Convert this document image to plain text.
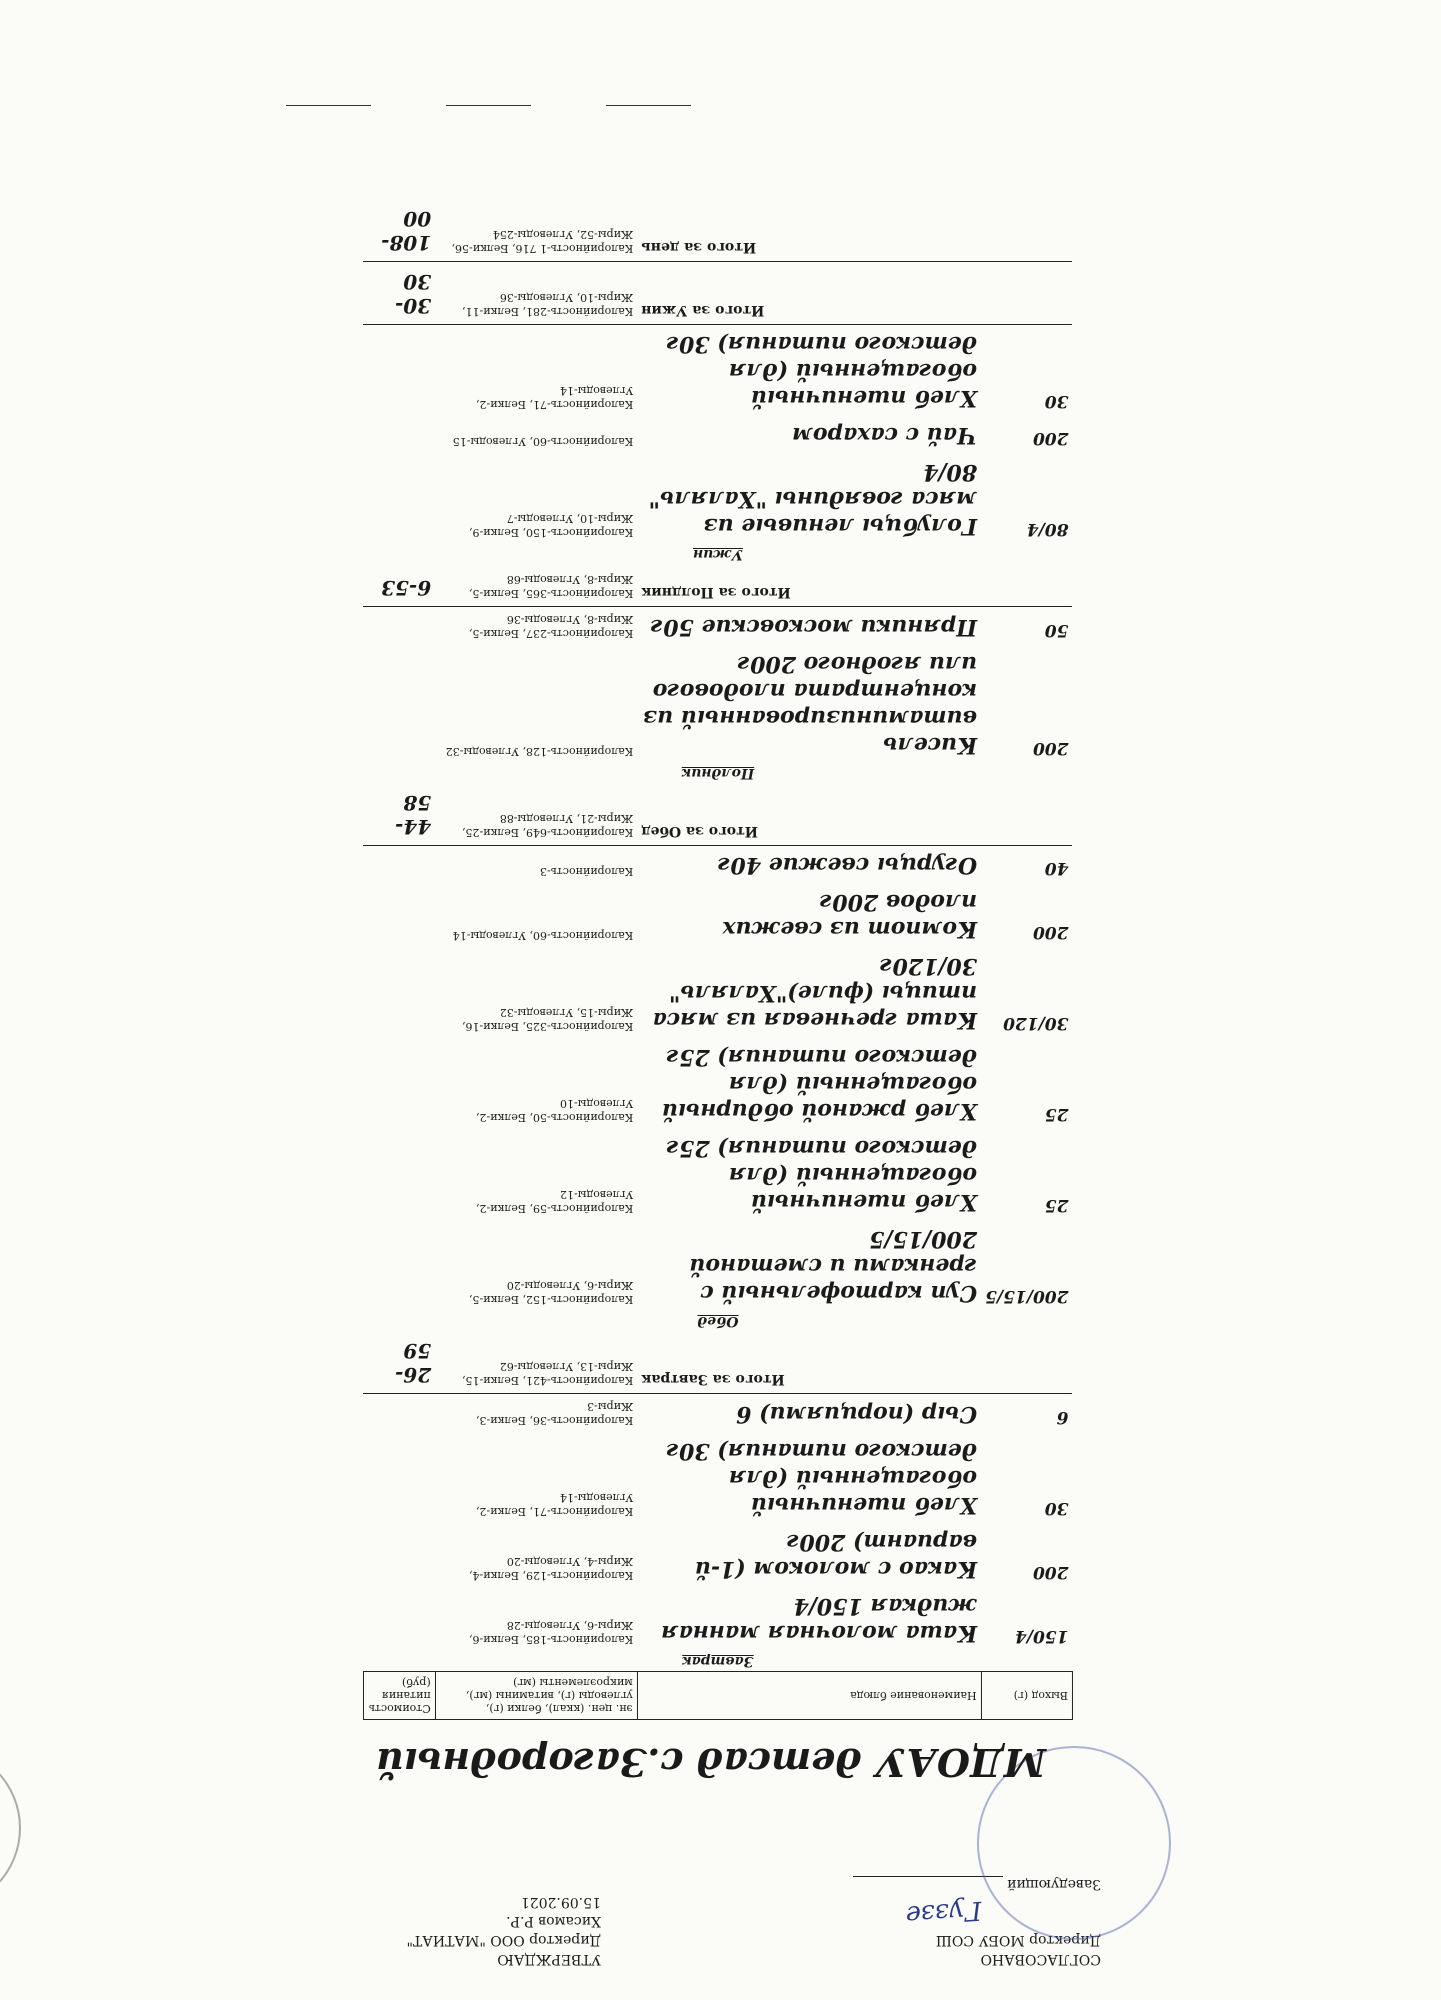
СОГЛАСОВАНО
Директор МОБУ СОШ
Заведующий
Гуззе
УТВЕРЖДАЮ
Директор ООО "МАТИАТ"
Хисамов Р.Р.
15.09.2021
МДОАУ детсад с.Загородный
Выход (г)	Наименование блюда	эн. цен. (ккал), белки (г), углеводы (г), витамины (мг), микроэлементы (мг)	Стоимость питания (руб)
Завтрак			
150/4	Каша молочная манная жидкая 150/4	Калорийность-185, Белки-6, Жиры-6, Углеводы-28	
200	Какао с молоком (1-й вариант) 200г	Калорийность-129, Белки-4, Жиры-4, Углеводы-20	
30	Хлеб пшеничный обогащенный (для детского питания) 30г	Калорийность-71, Белки-2, Углеводы-14	
6	Сыр (порциями) 6	Калорийность-36, Белки-3, Жиры-3	
	Итого за Завтрак	Калорийность-421, Белки-15, Жиры-13, Углеводы-62	26-59
Обед			
200/15/5	Суп картофельный с гренками и сметаной 200/15/5	Калорийность-152, Белки-5, Жиры-6, Углеводы-20	
25	Хлеб пшеничный обогащенный (для детского питания) 25г	Калорийность-59, Белки-2, Углеводы-12	
25	Хлеб ржаной обдирный обогащенный (для детского питания) 25г	Калорийность-50, Белки-2, Углеводы-10	
30/120	Каша гречневая из мяса птицы (филе)"Халяль" 30/120г	Калорийность-325, Белки-16, Жиры-15, Углеводы-32	
200	Компот из свежих плодов 200г	Калорийность-60, Углеводы-14	
40	Огурцы свежие 40г	Калорийность-3	
	Итого за Обед	Калорийность-649, Белки-25, Жиры-21, Углеводы-88	44-58
Полдник			
200	Кисель витаминизированный из концентрата плодового или ягодного 200г	Калорийность-128, Углеводы-32	
50	Пряники московские 50г	Калорийность-237, Белки-5, Жиры-8, Углеводы-36	
	Итого за Полдник	Калорийность-365, Белки-5, Жиры-8, Углеводы-68	6-53
Ужин			
80/4	Голубцы ленивые из мяса говядины "Халяль" 80/4	Калорийность-150, Белки-9, Жиры-10, Углеводы-7	
200	Чай с сахаром	Калорийность-60, Углеводы-15	
30	Хлеб пшеничный обогащенный (для детского питания) 30г	Калорийность-71, Белки-2, Углеводы-14	
	Итого за Ужин	Калорийность-281, Белки-11, Жиры-10, Углеводы-36	30-30
	Итого за день	Калорийность-1 716, Белки-56, Жиры-52, Углеводы-254	108-00
